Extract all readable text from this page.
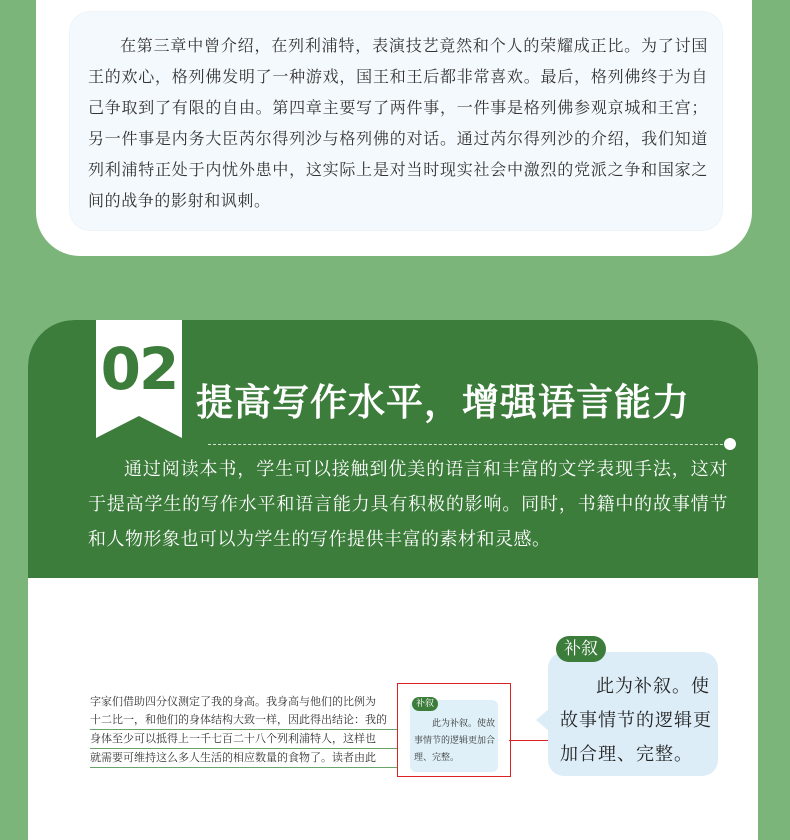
在第三章中曾介绍，在列利浦特，表演技艺竟然和个人的荣耀成正比。为了讨国王的欢心，格列佛发明了一种游戏，国王和王后都非常喜欢。最后，格列佛终于为自己争取到了有限的自由。第四章主要写了两件事，一件事是格列佛参观京城和王宫；另一件事是内务大臣芮尔得列沙与格列佛的对话。通过芮尔得列沙的介绍，我们知道列利浦特正处于内忧外患中，这实际上是对当时现实社会中激烈的党派之争和国家之间的战争的影射和讽刺。

02 提高写作水平，增强语言能力

通过阅读本书，学生可以接触到优美的语言和丰富的文学表现手法，这对于提高学生的写作水平和语言能力具有积极的影响。同时，书籍中的故事情节和人物形象也可以为学生的写作提供丰富的素材和灵感。

字家们借助四分仪测定了我的身高。我身高与他们的比例为
十二比一，和他们的身体结构大致一样，因此得出结论：我的
身体至少可以抵得上一千七百二十八个列利浦特人，这样也
就需要可维持这么多人生活的相应数量的食物了。读者由此
补叙

此为补叙。使故事情节的逻辑更加合理、完整。

补叙

此为补叙。使故事情节的逻辑更加合理、完整。
